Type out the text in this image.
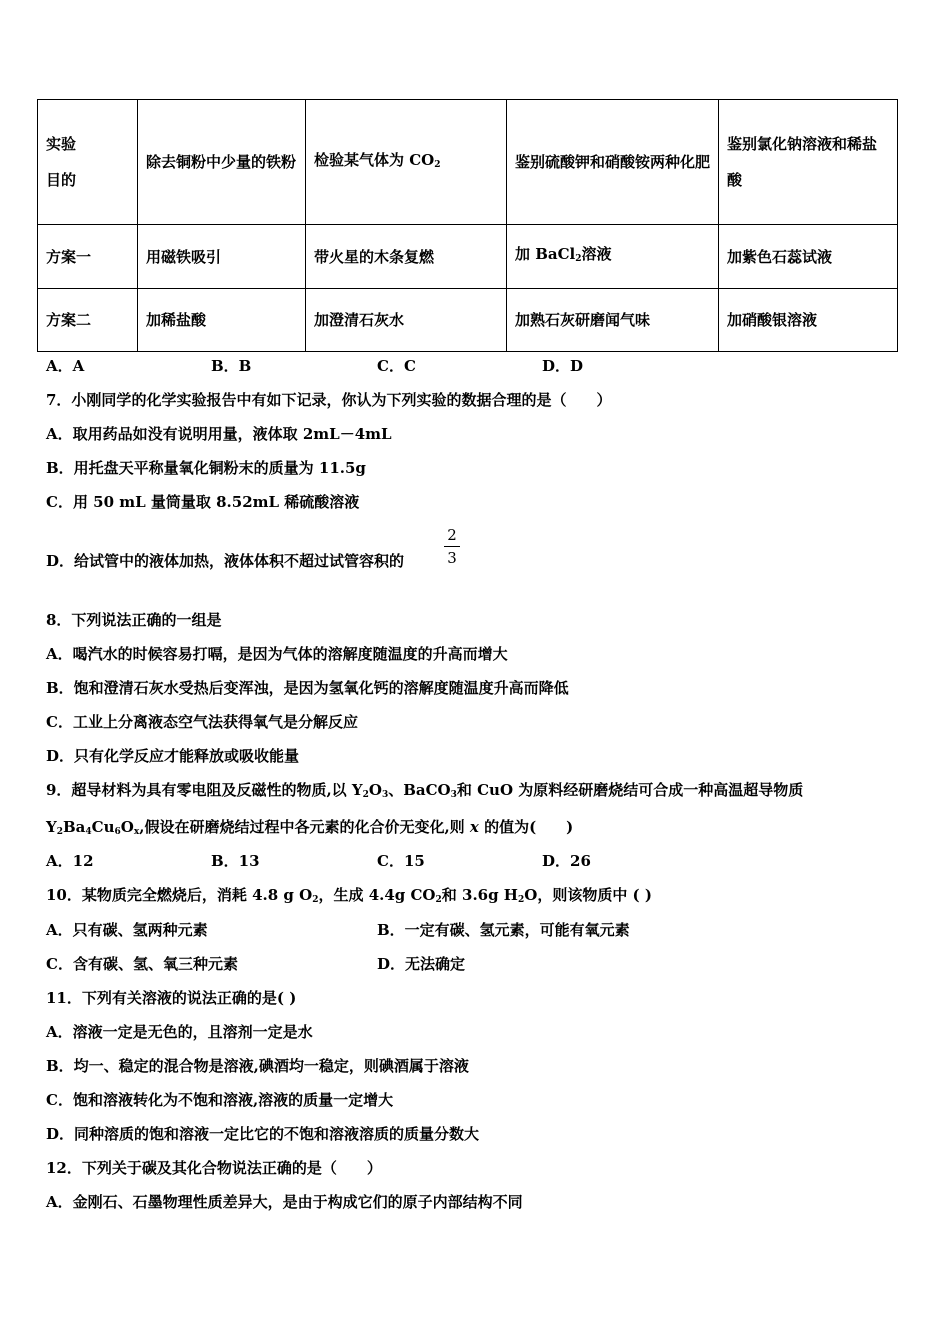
实验
目的	除去铜粉中少量的铁粉	检验某气体为 $CO_2$	鉴别硫酸钾和硝酸铵两种化肥	鉴别氯化钠溶液和稀盐酸
方案一	用磁铁吸引	带火星的木条复燃	加 BaCl$_2$溶液	加紫色石蕊试液
方案二	加稀盐酸	加澄清石灰水	加熟石灰研磨闻气味	加硝酸银溶液
A．A	B．B	C．C	D．D
7．小刚同学的化学实验报告中有如下记录，你认为下列实验的数据合理的是（　　）
A．取用药品如没有说明用量，液体取 2mL－4mL
B．用托盘天平称量氧化铜粉末的质量为 11.5g
C．用 50 mL 量筒量取 8.52mL 稀硫酸溶液
D．给试管中的液体加热，液体体积不超过试管容积的
2
3
8．下列说法正确的一组是
A．喝汽水的时候容易打嗝，是因为气体的溶解度随温度的升高而增大
B．饱和澄清石灰水受热后变浑浊，是因为氢氧化钙的溶解度随温度升高而降低
C．工业上分离液态空气法获得氧气是分解反应
D．只有化学反应才能释放或吸收能量
9．超导材料为具有零电阻及反磁性的物质,以 $Y_2O_3$、BaCO$_3$和 CuO 为原料经研磨烧结可合成一种高温超导物质
$Y_2Ba_4Cu_6O_x$,假设在研磨烧结过程中各元素的化合价无变化,则 x 的值为(　　)
A．12	B．13	C．15	D．26
10．某物质完全燃烧后，消耗 4.8 g $O_2$，生成 4.4g $CO_2$和 3.6g $H_2O$，则该物质中 ( )
A．只有碳、氢两种元素	B．一定有碳、氢元素，可能有氧元素
C．含有碳、氢、氧三种元素	D．无法确定
11．下列有关溶液的说法正确的是( )
A．溶液一定是无色的，且溶剂一定是水
B．均一、稳定的混合物是溶液,碘酒均一稳定，则碘酒属于溶液
C．饱和溶液转化为不饱和溶液,溶液的质量一定增大
D．同种溶质的饱和溶液一定比它的不饱和溶液溶质的质量分数大
12．下列关于碳及其化合物说法正确的是（　　）
A．金刚石、石墨物理性质差异大，是由于构成它们的原子内部结构不同
